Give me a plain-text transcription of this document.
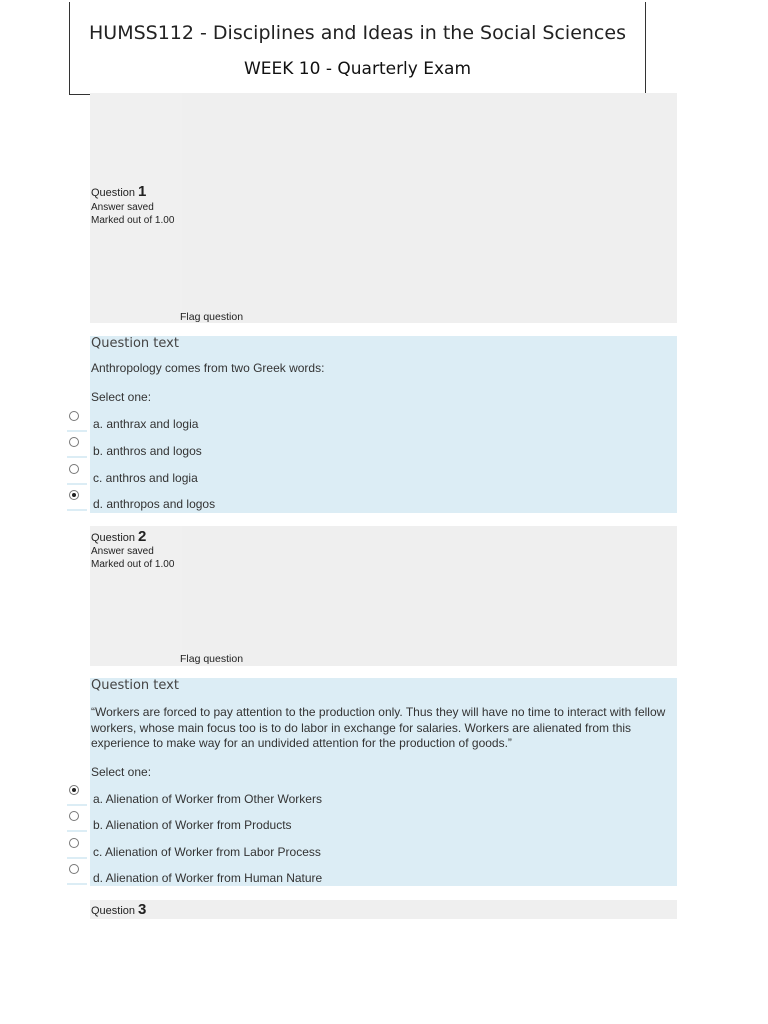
HUMSS112 - Disciplines and Ideas in the Social Sciences
WEEK 10 - Quarterly Exam
Question 1
Answer saved
Marked out of 1.00
Flag question
Question text
Anthropology comes from two Greek words:
Select one:
a. anthrax and logia
b. anthros and logos
c. anthros and logia
d. anthropos and logos
Question 2
Answer saved
Marked out of 1.00
Flag question
Question text
“Workers are forced to pay attention to the production only. Thus they will have no time to interact with fellow workers, whose main focus too is to do labor in exchange for salaries. Workers are alienated from this experience to make way for an undivided attention for the production of goods.”
Select one:
a. Alienation of Worker from Other Workers
b. Alienation of Worker from Products
c. Alienation of Worker from Labor Process
d. Alienation of Worker from Human Nature
Question 3
